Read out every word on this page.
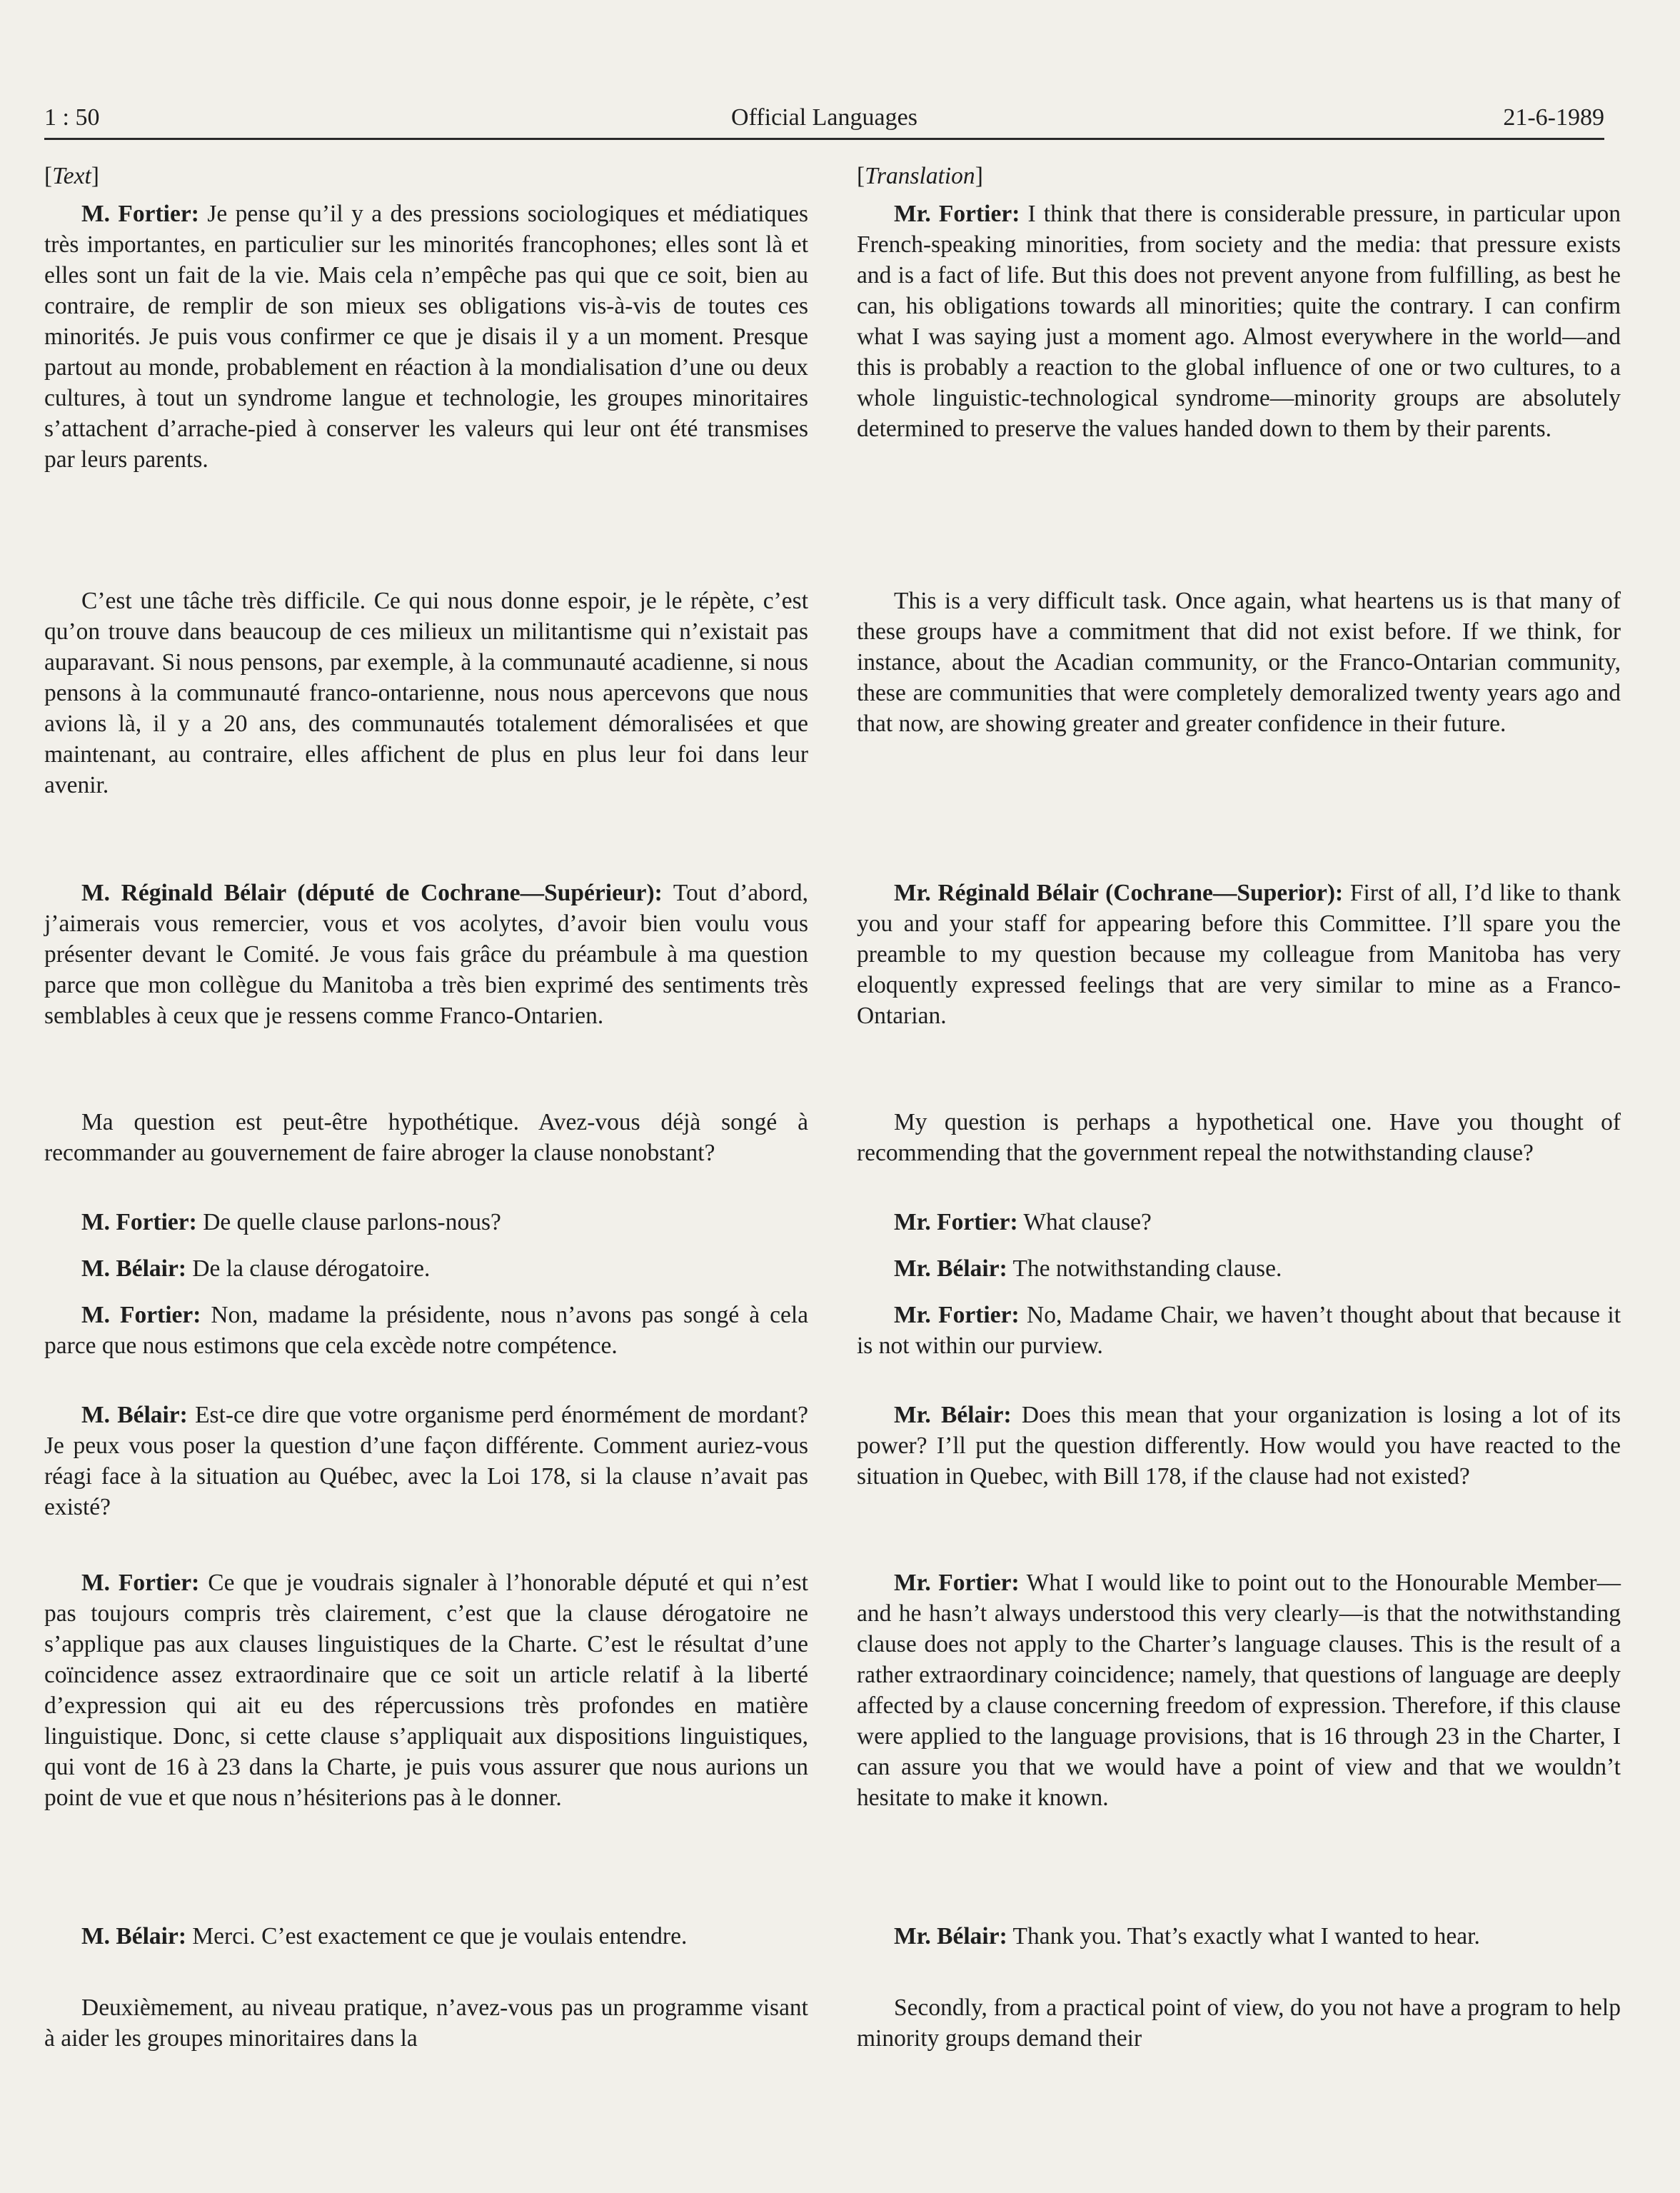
1 : 50	Official Languages	21-6-1989

[Text]

M. Fortier: Je pense qu’il y a des pressions sociologiques et médiatiques très importantes, en particulier sur les minorités francophones; elles sont là et elles sont un fait de la vie. Mais cela n’empêche pas qui que ce soit, bien au contraire, de remplir de son mieux ses obligations vis-à-vis de toutes ces minorités. Je puis vous confirmer ce que je disais il y a un moment. Presque partout au monde, probablement en réaction à la mondialisation d’une ou deux cultures, à tout un syndrome langue et technologie, les groupes minoritaires s’attachent d’arrache-pied à conserver les valeurs qui leur ont été transmises par leurs parents.

C’est une tâche très difficile. Ce qui nous donne espoir, je le répète, c’est qu’on trouve dans beaucoup de ces milieux un militantisme qui n’existait pas auparavant. Si nous pensons, par exemple, à la communauté acadienne, si nous pensons à la communauté franco-ontarienne, nous nous apercevons que nous avions là, il y a 20 ans, des communautés totalement démoralisées et que maintenant, au contraire, elles affichent de plus en plus leur foi dans leur avenir.

M. Réginald Bélair (député de Cochrane—Supérieur): Tout d’abord, j’aimerais vous remercier, vous et vos acolytes, d’avoir bien voulu vous présenter devant le Comité. Je vous fais grâce du préambule à ma question parce que mon collègue du Manitoba a très bien exprimé des sentiments très semblables à ceux que je ressens comme Franco-Ontarien.

Ma question est peut-être hypothétique. Avez-vous déjà songé à recommander au gouvernement de faire abroger la clause nonobstant?

M. Fortier: De quelle clause parlons-nous?

M. Bélair: De la clause dérogatoire.

M. Fortier: Non, madame la présidente, nous n’avons pas songé à cela parce que nous estimons que cela excède notre compétence.

M. Bélair: Est-ce dire que votre organisme perd énormément de mordant? Je peux vous poser la question d’une façon différente. Comment auriez-vous réagi face à la situation au Québec, avec la Loi 178, si la clause n’avait pas existé?

M. Fortier: Ce que je voudrais signaler à l’honorable député et qui n’est pas toujours compris très clairement, c’est que la clause dérogatoire ne s’applique pas aux clauses linguistiques de la Charte. C’est le résultat d’une coïncidence assez extraordinaire que ce soit un article relatif à la liberté d’expression qui ait eu des répercussions très profondes en matière linguistique. Donc, si cette clause s’appliquait aux dispositions linguistiques, qui vont de 16 à 23 dans la Charte, je puis vous assurer que nous aurions un point de vue et que nous n’hésiterions pas à le donner.

M. Bélair: Merci. C’est exactement ce que je voulais entendre.

Deuxièmement, au niveau pratique, n’avez-vous pas un programme visant à aider les groupes minoritaires dans la

[Translation]

Mr. Fortier: I think that there is considerable pressure, in particular upon French-speaking minorities, from society and the media: that pressure exists and is a fact of life. But this does not prevent anyone from fulfilling, as best he can, his obligations towards all minorities; quite the contrary. I can confirm what I was saying just a moment ago. Almost everywhere in the world—and this is probably a reaction to the global influence of one or two cultures, to a whole linguistic-technological syndrome—minority groups are absolutely determined to preserve the values handed down to them by their parents.

This is a very difficult task. Once again, what heartens us is that many of these groups have a commitment that did not exist before. If we think, for instance, about the Acadian community, or the Franco-Ontarian community, these are communities that were completely demoralized twenty years ago and that now, are showing greater and greater confidence in their future.

Mr. Réginald Bélair (Cochrane—Superior): First of all, I’d like to thank you and your staff for appearing before this Committee. I’ll spare you the preamble to my question because my colleague from Manitoba has very eloquently expressed feelings that are very similar to mine as a Franco-Ontarian.

My question is perhaps a hypothetical one. Have you thought of recommending that the government repeal the notwithstanding clause?

Mr. Fortier: What clause?

Mr. Bélair: The notwithstanding clause.

Mr. Fortier: No, Madame Chair, we haven’t thought about that because it is not within our purview.

Mr. Bélair: Does this mean that your organization is losing a lot of its power? I’ll put the question differently. How would you have reacted to the situation in Quebec, with Bill 178, if the clause had not existed?

Mr. Fortier: What I would like to point out to the Honourable Member—and he hasn’t always understood this very clearly—is that the notwithstanding clause does not apply to the Charter’s language clauses. This is the result of a rather extraordinary coincidence; namely, that questions of language are deeply affected by a clause concerning freedom of expression. Therefore, if this clause were applied to the language provisions, that is 16 through 23 in the Charter, I can assure you that we would have a point of view and that we wouldn’t hesitate to make it known.

Mr. Bélair: Thank you. That’s exactly what I wanted to hear.

Secondly, from a practical point of view, do you not have a program to help minority groups demand their
